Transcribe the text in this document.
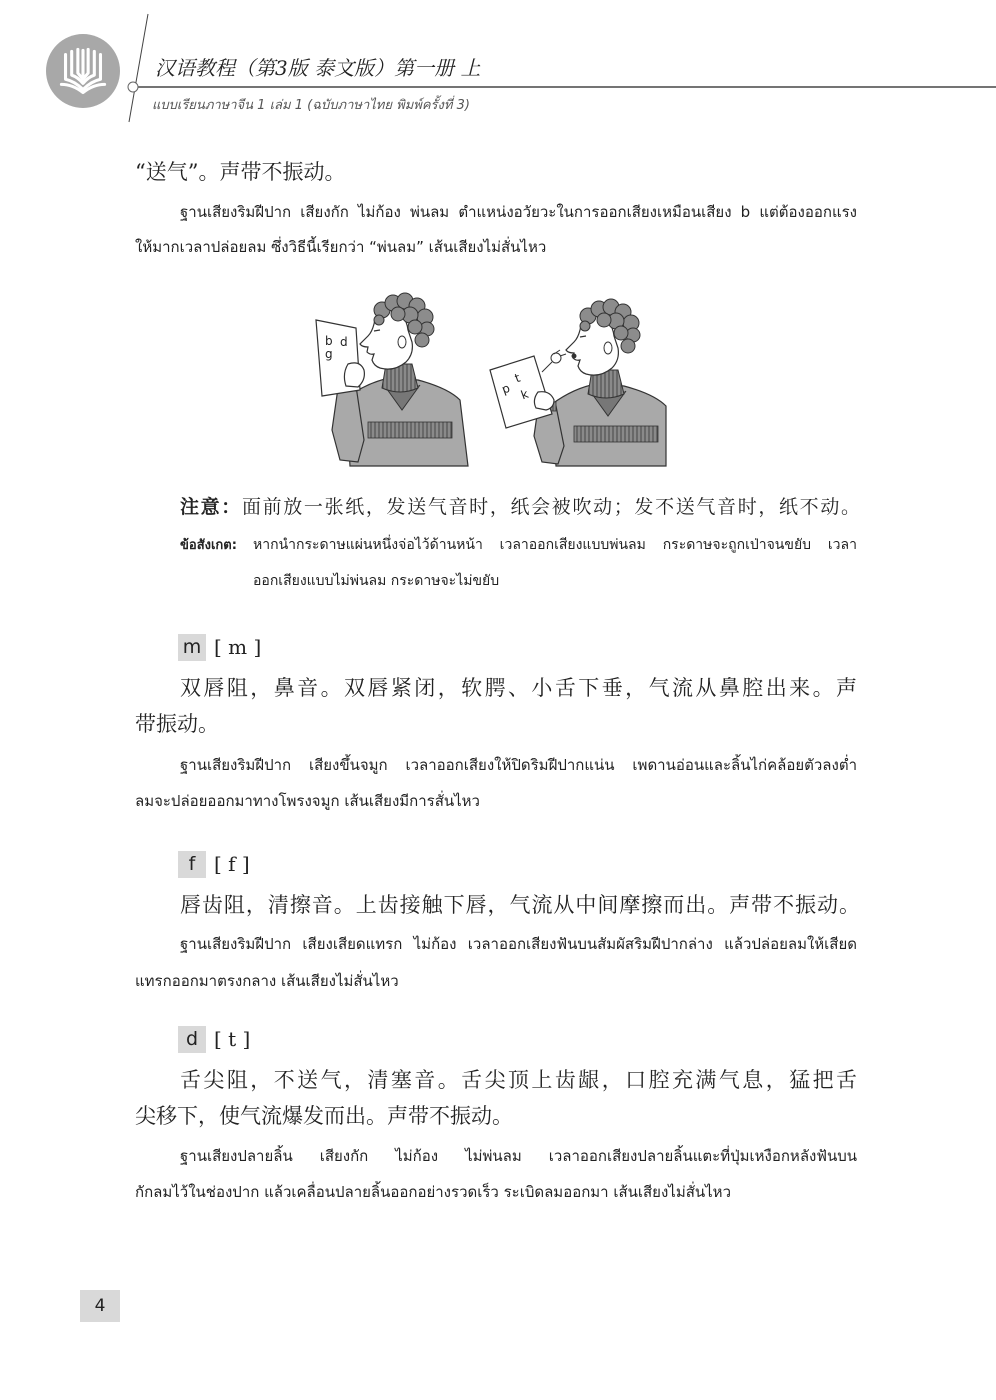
汉语教程（第3版 泰文版）第一册 上
แบบเรียนภาษาจีน 1 เล่ม 1 (ฉบับภาษาไทย พิมพ์ครั้งที่ 3)
“送气”。声带不振动。
ฐานเสียงริมฝีปาก เสียงกัก ไม่ก้อง พ่นลม ตำแหน่งอวัยวะในการออกเสียงเหมือนเสียง b แต่ต้องออกแรง
ให้มากเวลาปล่อยลม ซึ่งวิธีนี้เรียกว่า “พ่นลม” เส้นเสียงไม่สั่นไหว
b d
g
p
t
k
注意：面前放一张纸，发送气音时，纸会被吹动；发不送气音时，纸不动。
ข้อสังเกต: หากนำกระดาษแผ่นหนึ่งจ่อไว้ด้านหน้า เวลาออกเสียงแบบพ่นลม กระดาษจะถูกเป่าจนขยับ เวลา
ออกเสียงแบบไม่พ่นลม กระดาษจะไม่ขยับ
m [ m ]
双唇阻，鼻音。双唇紧闭，软腭、小舌下垂，气流从鼻腔出来。声
带振动。
ฐานเสียงริมฝีปาก เสียงขึ้นจมูก เวลาออกเสียงให้ปิดริมฝีปากแน่น เพดานอ่อนและลิ้นไก่คล้อยตัวลงต่ำ
ลมจะปล่อยออกมาทางโพรงจมูก เส้นเสียงมีการสั่นไหว
f [ f ]
唇齿阻，清擦音。上齿接触下唇，气流从中间摩擦而出。声带不振动。
ฐานเสียงริมฝีปาก เสียงเสียดแทรก ไม่ก้อง เวลาออกเสียงฟันบนสัมผัสริมฝีปากล่าง แล้วปล่อยลมให้เสียด
แทรกออกมาตรงกลาง เส้นเสียงไม่สั่นไหว
d [ t ]
舌尖阻，不送气，清塞音。舌尖顶上齿龈，口腔充满气息，猛把舌
尖移下，使气流爆发而出。声带不振动。
ฐานเสียงปลายลิ้น เสียงกัก ไม่ก้อง ไม่พ่นลม เวลาออกเสียงปลายลิ้นแตะที่ปุ่มเหงือกหลังฟันบน
กักลมไว้ในช่องปาก แล้วเคลื่อนปลายลิ้นออกอย่างรวดเร็ว ระเบิดลมออกมา เส้นเสียงไม่สั่นไหว
4
